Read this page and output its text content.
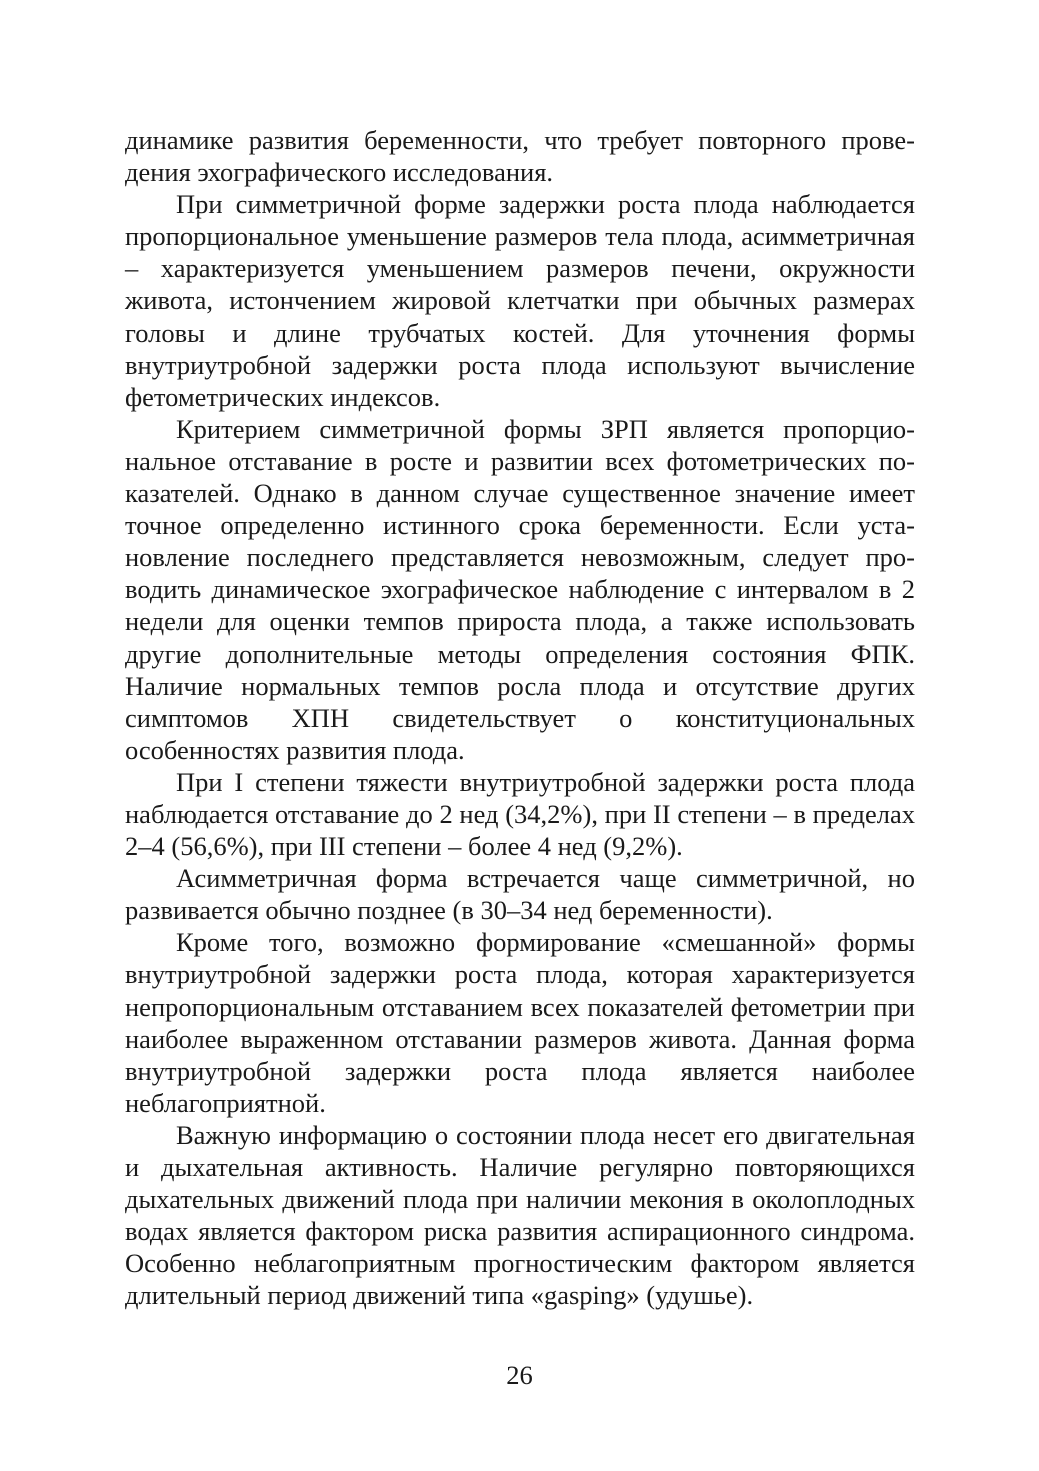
динамике развития беременности, что требует повторного проведения эхографического исследования.

При симметричной форме задержки роста плода наблюдается пропорциональное уменьшение размеров тела плода, асимметричная – характеризуется уменьшением размеров печени, окружности живота, истончением жировой клетчатки при обычных размерах головы и длине трубчатых костей. Для уточнения формы внутриутробной задержки роста плода используют вычисление фетометрических индексов.

Критерием симметричной формы ЗРП является пропорциональное отставание в росте и развитии всех фотометрических показателей. Однако в данном случае существенное значение имеет точное определенно истинного срока беременности. Если установление последнего представляется невозможным, следует проводить динамическое эхографическое наблюдение с интервалом в 2 недели для оценки темпов прироста плода, а также использовать другие дополнительные методы определения состояния ФПК. Наличие нормальных темпов росла плода и отсутствие других симптомов ХПН свидетельствует о конституциональных особенностях развития плода.

При I степени тяжести внутриутробной задержки роста плода наблюдается отставание до 2 нед (34,2%), при II степени – в пределах 2–4 (56,6%), при III степени – более 4 нед (9,2%).

Асимметричная форма встречается чаще симметричной, но развивается обычно позднее (в 30–34 нед беременности).

Кроме того, возможно формирование «смешанной» формы внутриутробной задержки роста плода, которая характеризуется непропорциональным отставанием всех показателей фетометрии при наиболее выраженном отставании размеров живота. Данная форма внутриутробной задержки роста плода является наиболее неблагоприятной.

Важную информацию о состоянии плода несет его двигательная и дыхательная активность. Наличие регулярно повторяющихся дыхательных движений плода при наличии мекония в околоплодных водах является фактором риска развития аспирационного синдрома. Особенно неблагоприятным прогностическим фактором является длительный период движений типа «gasping» (удушье).

26
